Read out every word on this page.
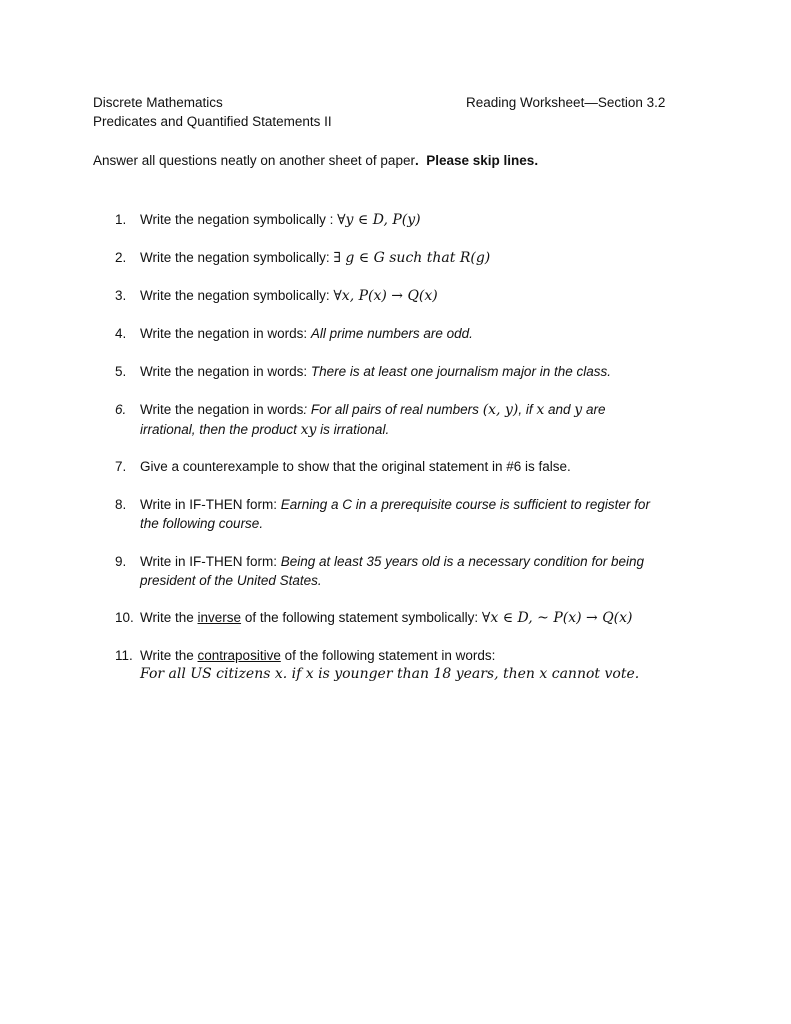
Discrete Mathematics
Predicates and Quantified Statements II
Reading Worksheet—Section 3.2
Answer all questions neatly on another sheet of paper. Please skip lines.
1.	Write the negation symbolically : ∀y ∈ D, P(y)
2.	Write the negation symbolically: ∃ g ∈ G such that R(g)
3.	Write the negation symbolically: ∀x, P(x) → Q(x)
4.	Write the negation in words: All prime numbers are odd.
5.	Write the negation in words: There is at least one journalism major in the class.
6.	Write the negation in words: For all pairs of real numbers (x, y), if x and y are
irrational, then the product xy is irrational.
7.	Give a counterexample to show that the original statement in #6 is false.
8.	Write in IF-THEN form: Earning a C in a prerequisite course is sufficient to register for
the following course.
9.	Write in IF-THEN form: Being at least 35 years old is a necessary condition for being
president of the United States.
10. Write the inverse of the following statement symbolically: ∀x ∈ D, ~ P(x) → Q(x)
11. Write the contrapositive of the following statement in words:
For all US citizens x. if x is younger than 18 years, then x cannot vote.
